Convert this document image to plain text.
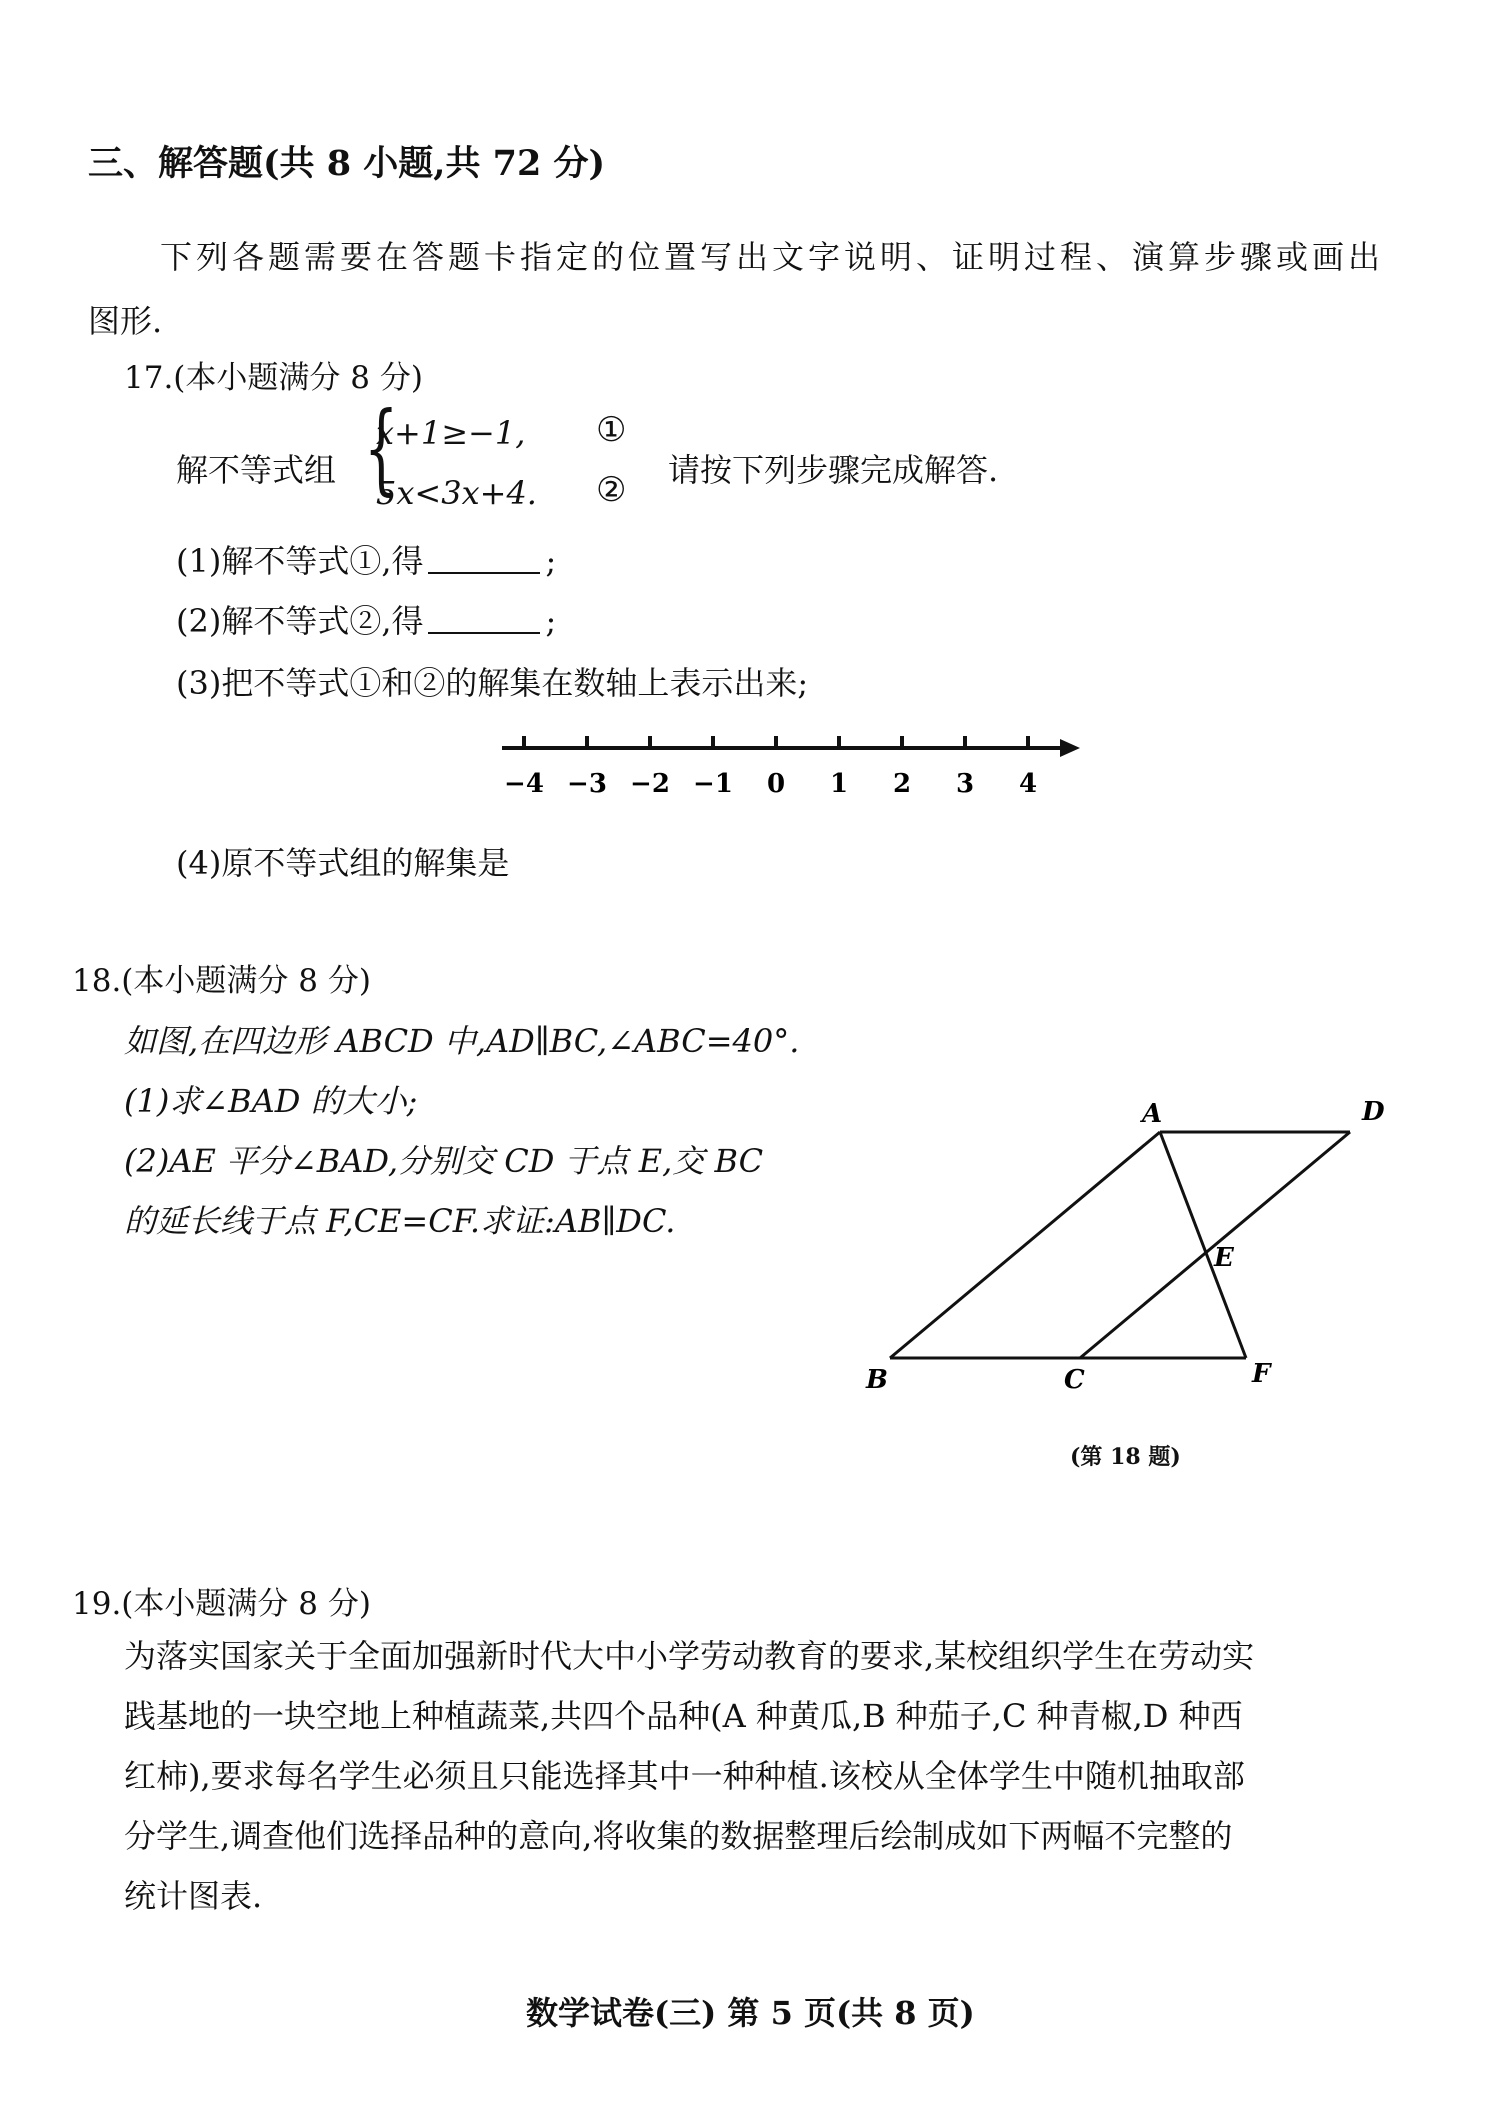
三、解答题(共 8 小题,共 72 分)
下列各题需要在答题卡指定的位置写出文字说明、证明过程、演算步骤或画出
图形.
17.(本小题满分 8 分)
解不等式组 {
x+1≥−1, ①
5x<3x+4. ② 请按下列步骤完成解答.
(1)解不等式①,得	;
(2)解不等式②,得	;
(3)把不等式①和②的解集在数轴上表示出来;
−4 −3 −2 −1 0 1 2 3 4
(4)原不等式组的解集是
18.(本小题满分 8 分)
如图,在四边形 ABCD 中,AD∥BC,∠ABC=40°.
(1)求∠BAD 的大小;
(2)AE 平分∠BAD,分别交 CD 于点 E,交 BC
的延长线于点 F,CE=CF.求证:AB∥DC.
A	D
B	C	F
E
(第 18 题)
19.(本小题满分 8 分)

为落实国家关于全面加强新时代大中小学劳动教育的要求,某校组织学生在劳动实

践基地的一块空地上种植蔬菜,共四个品种(A 种黄瓜,B 种茄子,C 种青椒,D 种西

红柿),要求每名学生必须且只能选择其中一种种植.该校从全体学生中随机抽取部

分学生,调查他们选择品种的意向,将收集的数据整理后绘制成如下两幅不完整的

统计图表.

数学试卷(三) 第 5 页(共 8 页)
